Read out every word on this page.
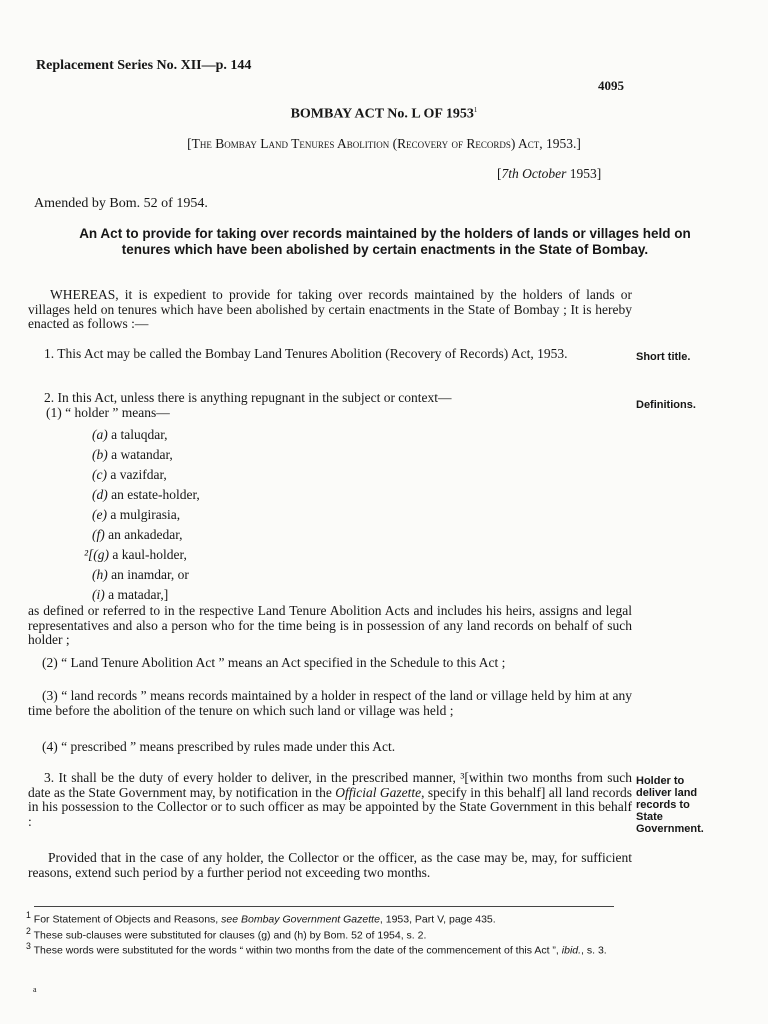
Replacement Series No. XII—p. 144
4095
BOMBAY ACT No. L OF 1953$^1$
[The Bombay Land Tenures Abolition (Recovery of Records) Act, 1953.]
[7th October 1953]
Amended by Bom. 52 of 1954.
An Act to provide for taking over records maintained by the holders of lands or villages held on tenures which have been abolished by certain enactments in the State of Bombay.
WHEREAS, it is expedient to provide for taking over records maintained by the holders of lands or villages held on tenures which have been abolished by certain enactments in the State of Bombay ; It is hereby enacted as follows :—
1. This Act may be called the Bombay Land Tenures Abolition (Recovery of Records) Act, 1953.	Short title.
2. In this Act, unless there is anything repugnant in the subject or context—	Definitions.
(1) “ holder ” means—
(a) a taluqdar,
(b) a watandar,
(c) a vazifdar,
(d) an estate-holder,
(e) a mulgirasia,
(f) an ankadedar,
²[(g) a kaul-holder,
(h) an inamdar, or
(i) a matadar,]
as defined or referred to in the respective Land Tenure Abolition Acts and includes his heirs, assigns and legal representatives and also a person who for the time being is in possession of any land records on behalf of such holder ;
(2) “ Land Tenure Abolition Act ” means an Act specified in the Schedule to this Act ;
(3) “ land records ” means records maintained by a holder in respect of the land or village held by him at any time before the abolition of the tenure on which such land or village was held ;
(4) “ prescribed ” means prescribed by rules made under this Act.
3. It shall be the duty of every holder to deliver, in the prescribed manner, ³[within two months from such date as the State Government may, by notification in the Official Gazette, specify in this behalf] all land records in his possession to the Collector or to such officer as may be appointed by the State Government in this behalf :
Holder to deliver land records to State Government.
Provided that in the case of any holder, the Collector or the officer, as the case may be, may, for sufficient reasons, extend such period by a further period not exceeding two months.
$^1$ For Statement of Objects and Reasons, see Bombay Government Gazette, 1953, Part V, page 435.
$^2$ These sub-clauses were substituted for clauses (g) and (h) by Bom. 52 of 1954, s. 2.
$^3$ These words were substituted for the words “ within two months from the date of the commencement of this Act ”, ibid., s. 3.
a
